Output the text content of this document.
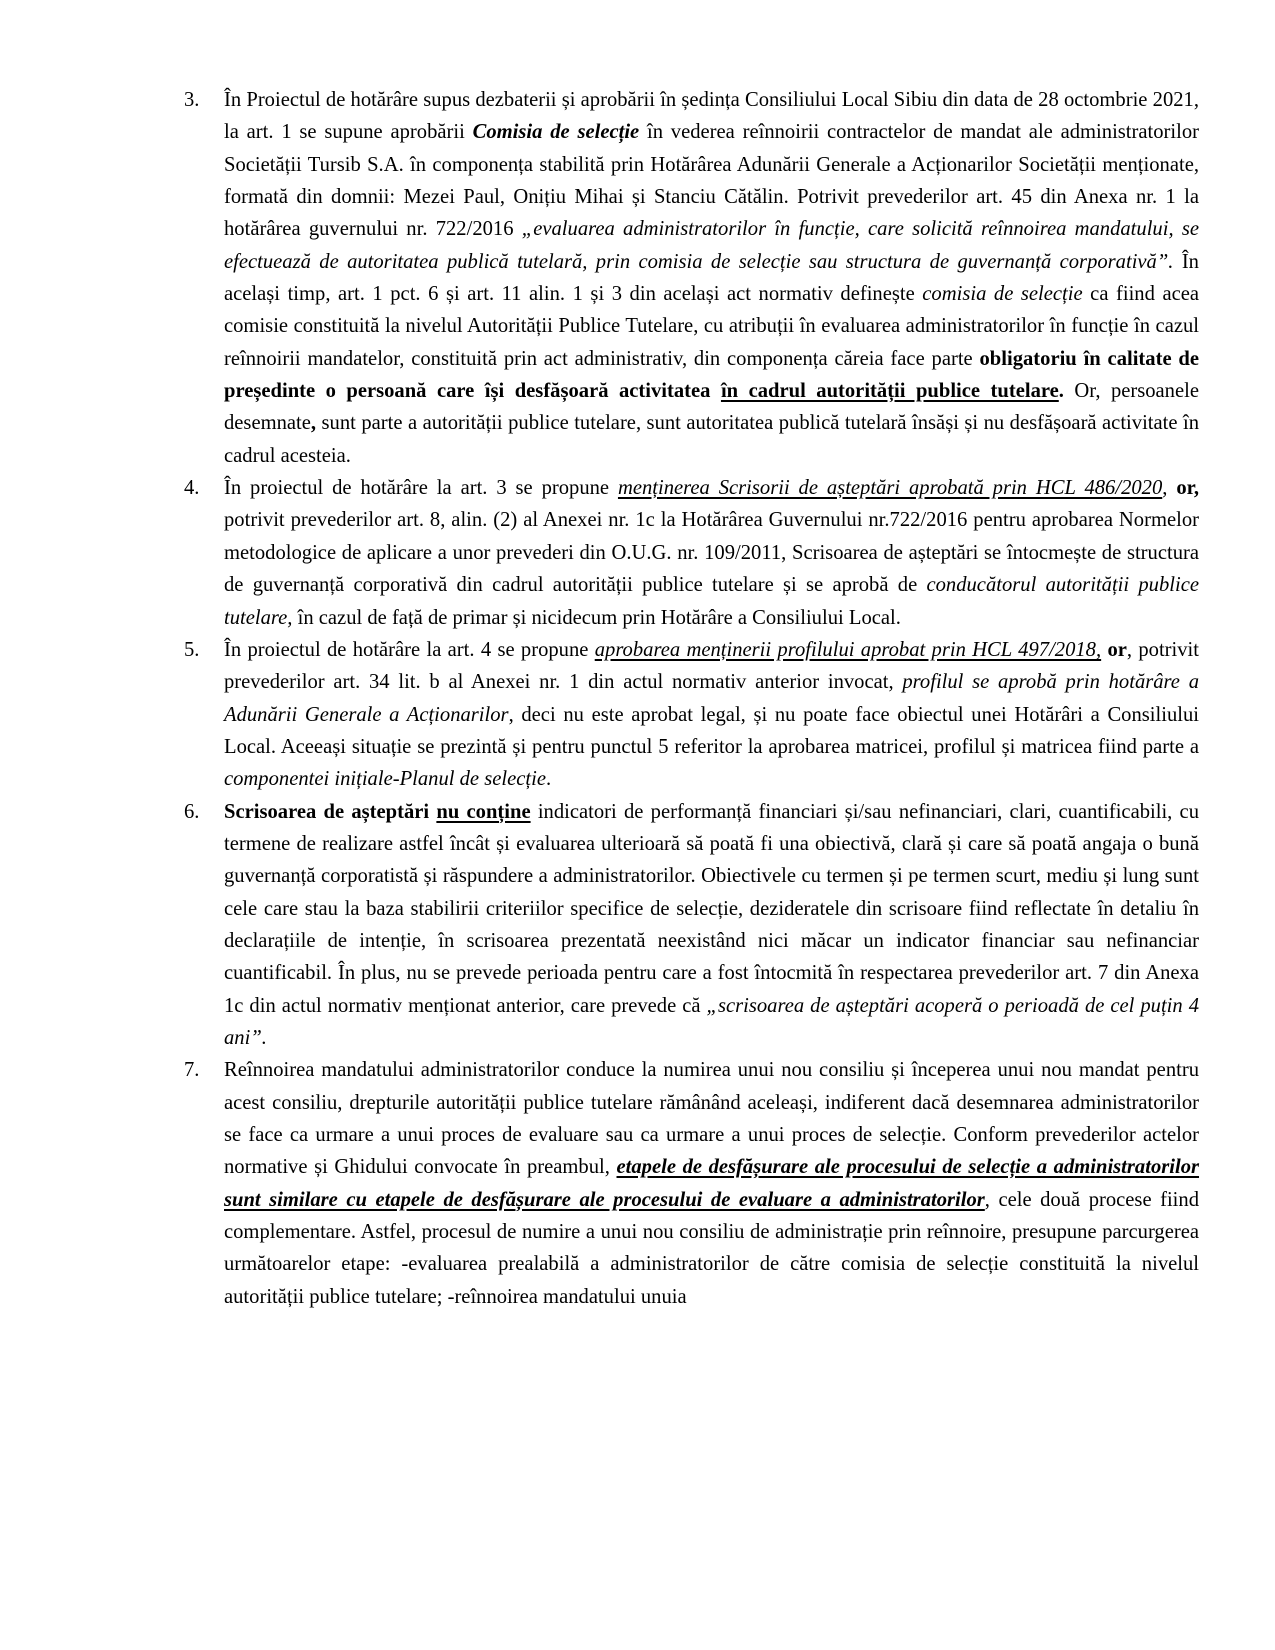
3. În Proiectul de hotărâre supus dezbaterii și aprobării în ședința Consiliului Local Sibiu din data de 28 octombrie 2021, la art. 1 se supune aprobării Comisia de selecție în vederea reînnoirii contractelor de mandat ale administratorilor Societății Tursib S.A. în componența stabilită prin Hotărârea Adunării Generale a Acționarilor Societății menționate, formată din domnii: Mezei Paul, Onițiu Mihai și Stanciu Cătălin. Potrivit prevederilor art. 45 din Anexa nr. 1 la hotărârea guvernului nr. 722/2016 „evaluarea administratorilor în funcție, care solicită reînnoirea mandatului, se efectuează de autoritatea publică tutelară, prin comisia de selecție sau structura de guvernanță corporativă”. În același timp, art. 1 pct. 6 și art. 11 alin. 1 și 3 din același act normativ definește comisia de selecție ca fiind acea comisie constituită la nivelul Autorității Publice Tutelare, cu atribuții în evaluarea administratorilor în funcție în cazul reînnoirii mandatelor, constituită prin act administrativ, din componența căreia face parte obligatoriu în calitate de președinte o persoană care își desfășoară activitatea în cadrul autorității publice tutelare. Or, persoanele desemnate, sunt parte a autorității publice tutelare, sunt autoritatea publică tutelară însăși și nu desfășoară activitate în cadrul acesteia.
4. În proiectul de hotărâre la art. 3 se propune menținerea Scrisorii de așteptări aprobată prin HCL 486/2020, or, potrivit prevederilor art. 8, alin. (2) al Anexei nr. 1c la Hotărârea Guvernului nr.722/2016 pentru aprobarea Normelor metodologice de aplicare a unor prevederi din O.U.G. nr. 109/2011, Scrisoarea de așteptări se întocmește de structura de guvernanță corporativă din cadrul autorității publice tutelare și se aprobă de conducătorul autorității publice tutelare, în cazul de față de primar și nicidecum prin Hotărâre a Consiliului Local.
5. În proiectul de hotărâre la art. 4 se propune aprobarea menținerii profilului aprobat prin HCL 497/2018, or, potrivit prevederilor art. 34 lit. b al Anexei nr. 1 din actul normativ anterior invocat, profilul se aprobă prin hotărâre a Adunării Generale a Acționarilor, deci nu este aprobat legal, și nu poate face obiectul unei Hotărâri a Consiliului Local. Aceeași situație se prezintă și pentru punctul 5 referitor la aprobarea matricei, profilul și matricea fiind parte a componentei inițiale-Planul de selecție.
6. Scrisoarea de așteptări nu conține indicatori de performanță financiari și/sau nefinanciari, clari, cuantificabili, cu termene de realizare astfel încât și evaluarea ulterioară să poată fi una obiectivă, clară și care să poată angaja o bună guvernanță corporatistă și răspundere a administratorilor. Obiectivele cu termen și pe termen scurt, mediu și lung sunt cele care stau la baza stabilirii criteriilor specifice de selecție, dezideratele din scrisoare fiind reflectate în detaliu în declarațiile de intenție, în scrisoarea prezentată neexistând nici măcar un indicator financiar sau nefinanciar cuantificabil. În plus, nu se prevede perioada pentru care a fost întocmită în respectarea prevederilor art. 7 din Anexa 1c din actul normativ menționat anterior, care prevede că „scrisoarea de așteptări acoperă o perioadă de cel puțin 4 ani”.
7. Reînnoirea mandatului administratorilor conduce la numirea unui nou consiliu și începerea unui nou mandat pentru acest consiliu, drepturile autorității publice tutelare rămânând aceleași, indiferent dacă desemnarea administratorilor se face ca urmare a unui proces de evaluare sau ca urmare a unui proces de selecție. Conform prevederilor actelor normative și Ghidului convocate în preambul, etapele de desfășurare ale procesului de selecție a administratorilor sunt similare cu etapele de desfășurare ale procesului de evaluare a administratorilor, cele două procese fiind complementare. Astfel, procesul de numire a unui nou consiliu de administrație prin reînnoire, presupune parcurgerea următoarelor etape: -evaluarea prealabilă a administratorilor de către comisia de selecție constituită la nivelul autorității publice tutelare; -reînnoirea mandatului unuia
